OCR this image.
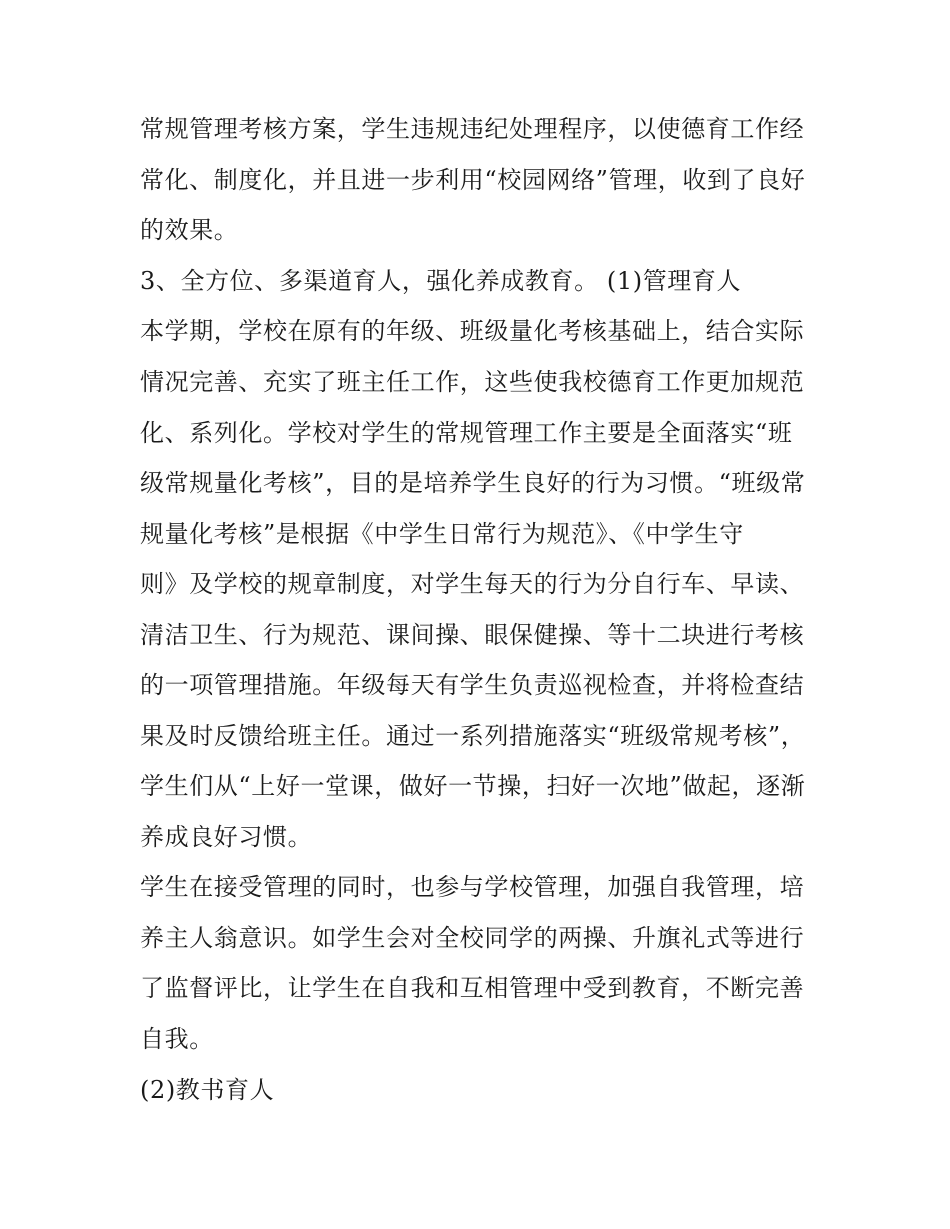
常规管理考核方案，学生违规违纪处理程序，以使德育工作经
常化、制度化，并且进一步利用“校园网络”管理，收到了良好
的效果。
3、全方位、多渠道育人，强化养成教育。 (1)管理育人
本学期，学校在原有的年级、班级量化考核基础上，结合实际
情况完善、充实了班主任工作，这些使我校德育工作更加规范
化、系列化。学校对学生的常规管理工作主要是全面落实“班
级常规量化考核”，目的是培养学生良好的行为习惯。“班级常
规量化考核”是根据《中学生日常行为规范》、《中学生守
则》及学校的规章制度，对学生每天的行为分自行车、早读、
清洁卫生、行为规范、课间操、眼保健操、等十二块进行考核
的一项管理措施。年级每天有学生负责巡视检查，并将检查结
果及时反馈给班主任。通过一系列措施落实“班级常规考核”，
学生们从“上好一堂课，做好一节操，扫好一次地”做起，逐渐
养成良好习惯。
学生在接受管理的同时，也参与学校管理，加强自我管理，培
养主人翁意识。如学生会对全校同学的两操、升旗礼式等进行
了监督评比，让学生在自我和互相管理中受到教育，不断完善
自我。
(2)教书育人
